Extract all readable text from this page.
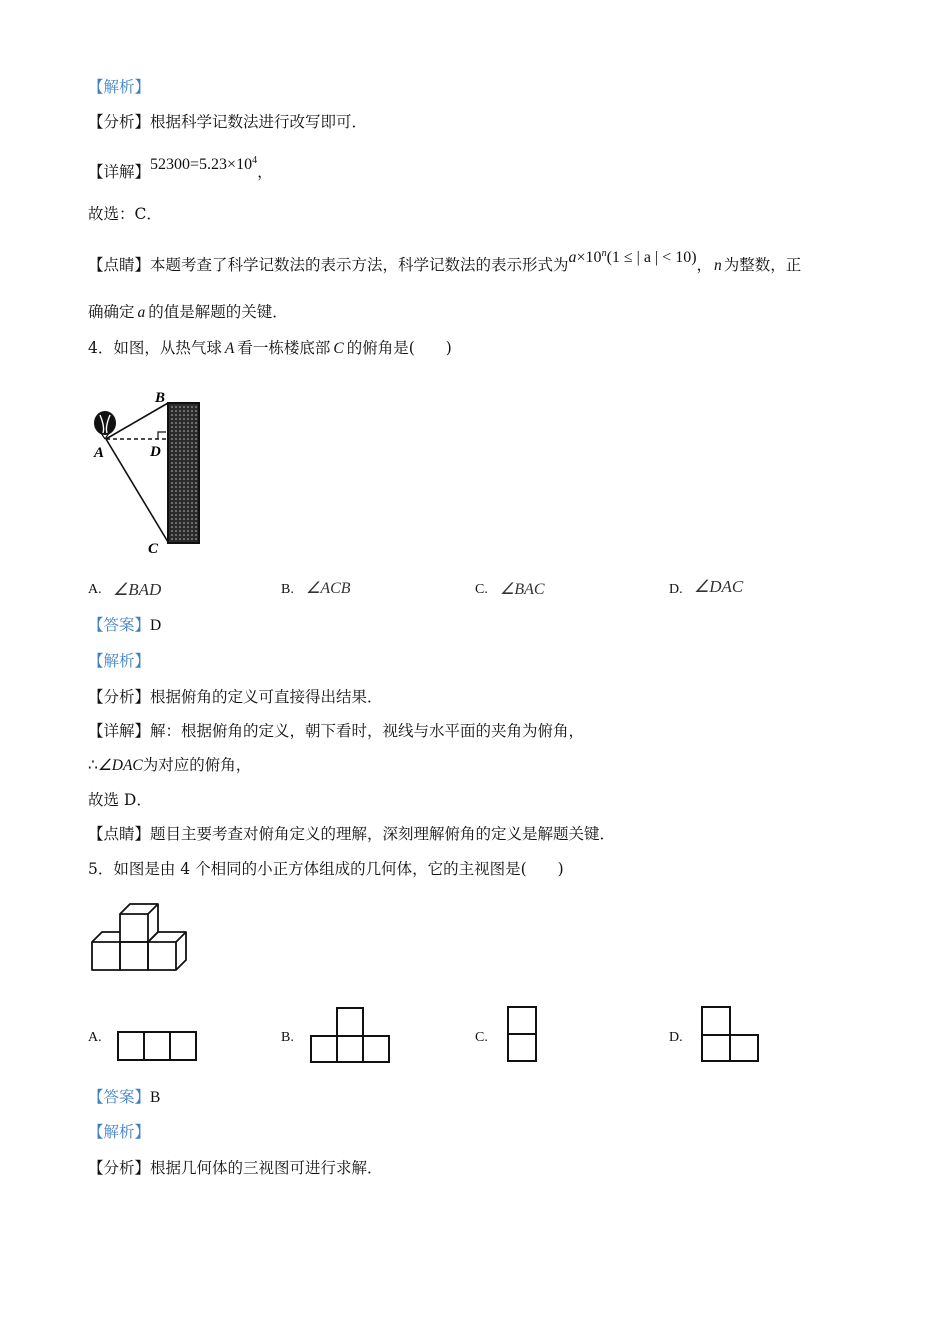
【解析】
【分析】根据科学记数法进行改写即可．
【详解】$52300=5.23\times 10^4$，
故选：C．
【点睛】本题考查了科学记数法的表示方法，科学记数法的表示形式为$a\times 10^n(1$ ≤ | a | < 10)， n 为整数，正
确确定 a 的值是解题的关键．
4．如图，从热气球 A 看一栋楼底部 C 的俯角是(　　)
B
A	D
C
A. ∠BAD	B. ∠ACB	C. ∠BAC	D. ∠DAC
【答案】D
【解析】
【分析】根据俯角的定义可直接得出结果．
【详解】解：根据俯角的定义，朝下看时，视线与水平面的夹角为俯角，
∴∠DAC为对应的俯角，
故选 D．
【点睛】题目主要考查对俯角定义的理解，深刻理解俯角的定义是解题关键．
5．如图是由 4 个相同的小正方体组成的几何体，它的主视图是(　　)
A.	B.	C.	D.
【答案】B
【解析】
【分析】根据几何体的三视图可进行求解．
